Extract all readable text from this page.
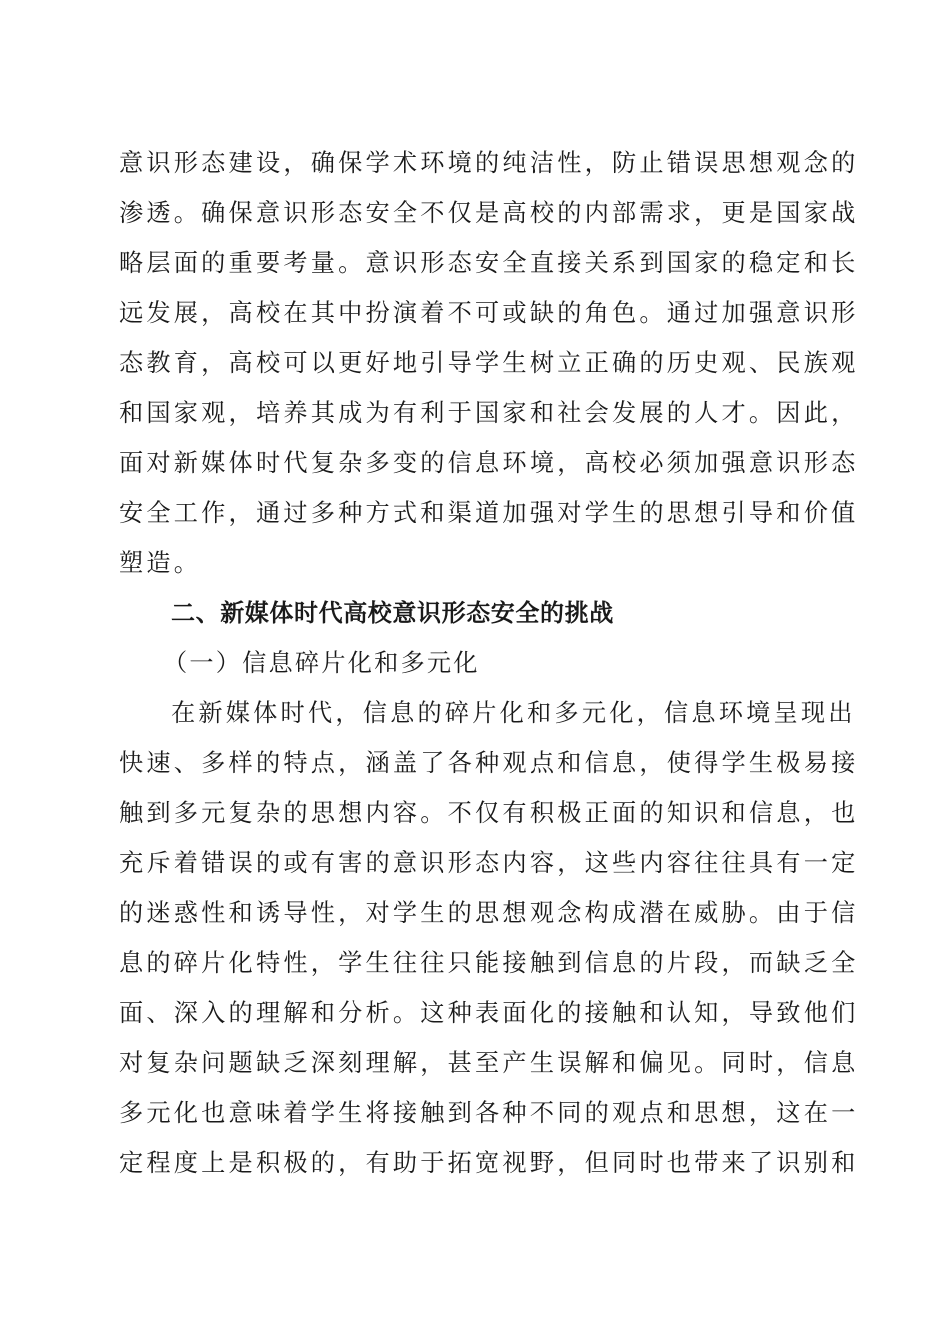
意识形态建设，确保学术环境的纯洁性，防止错误思想观念的
渗透。确保意识形态安全不仅是高校的内部需求，更是国家战
略层面的重要考量。意识形态安全直接关系到国家的稳定和长
远发展，高校在其中扮演着不可或缺的角色。通过加强意识形
态教育，高校可以更好地引导学生树立正确的历史观、民族观
和国家观，培养其成为有利于国家和社会发展的人才。因此，
面对新媒体时代复杂多变的信息环境，高校必须加强意识形态
安全工作，通过多种方式和渠道加强对学生的思想引导和价值
塑造。
二、新媒体时代高校意识形态安全的挑战
（一）信息碎片化和多元化
在新媒体时代，信息的碎片化和多元化，信息环境呈现出
快速、多样的特点，涵盖了各种观点和信息，使得学生极易接
触到多元复杂的思想内容。不仅有积极正面的知识和信息，也
充斥着错误的或有害的意识形态内容，这些内容往往具有一定
的迷惑性和诱导性，对学生的思想观念构成潜在威胁。由于信
息的碎片化特性，学生往往只能接触到信息的片段，而缺乏全
面、深入的理解和分析。这种表面化的接触和认知，导致他们
对复杂问题缺乏深刻理解，甚至产生误解和偏见。同时，信息
多元化也意味着学生将接触到各种不同的观点和思想，这在一
定程度上是积极的，有助于拓宽视野，但同时也带来了识别和
